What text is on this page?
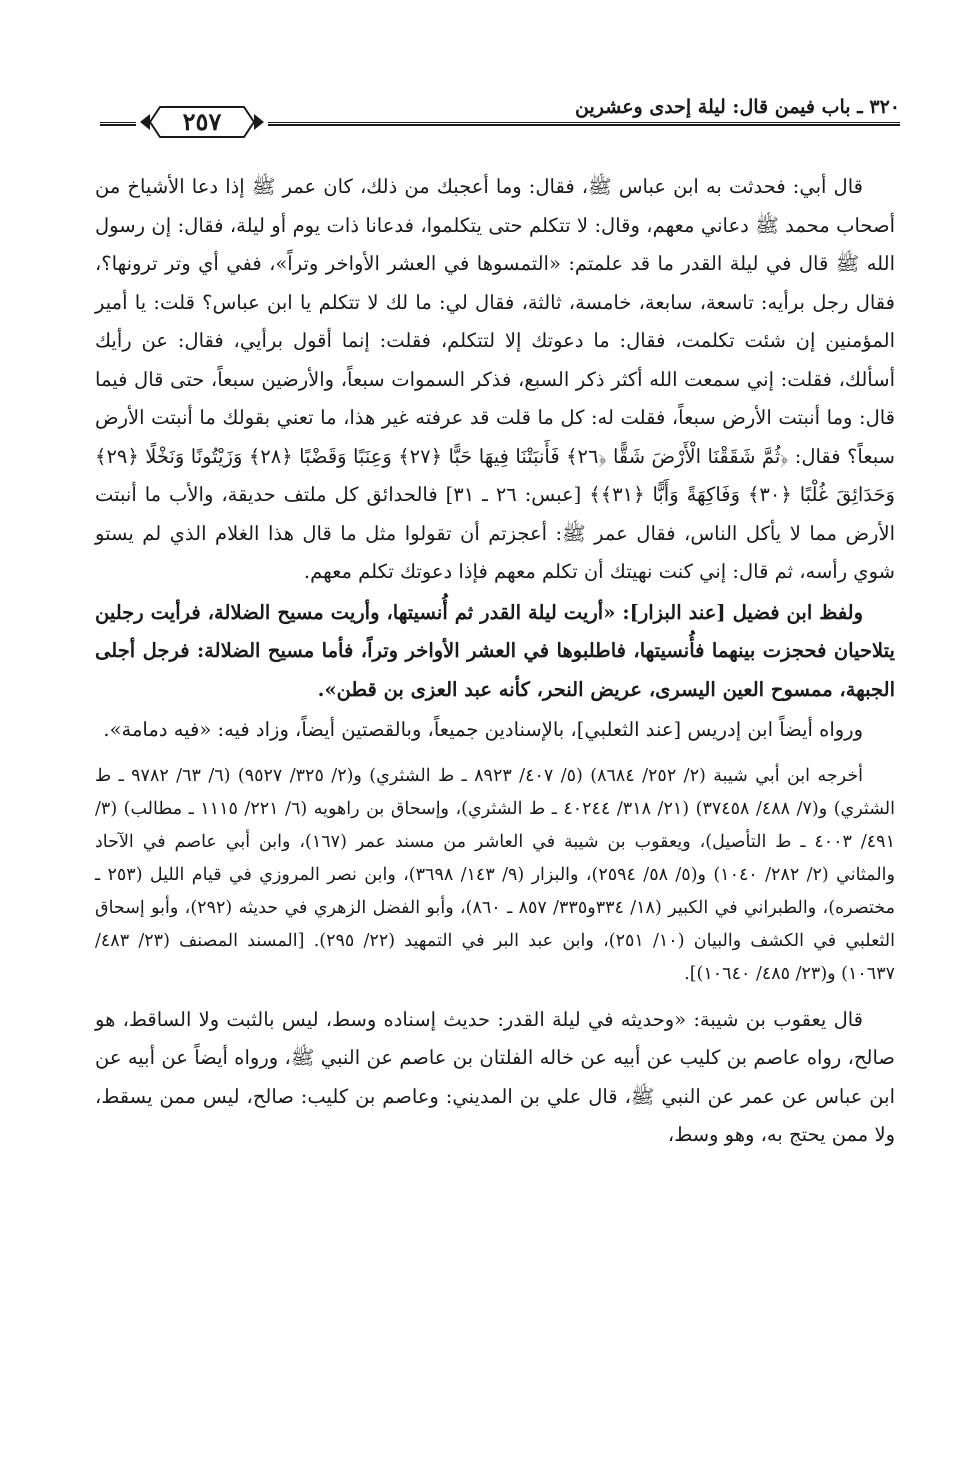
٣٢٠ ـ باب فيمن قال: ليلة إحدى وعشرين
٢٥٧

قال أبي: فحدثت به ابن عباس ﷺ، فقال: وما أعجبك من ذلك، كان عمر ﷺ إذا دعا الأشياخ من أصحاب محمد ﷺ دعاني معهم، وقال: لا تتكلم حتى يتكلموا، فدعانا ذات يوم أو ليلة، فقال: إن رسول الله ﷺ قال في ليلة القدر ما قد علمتم: «التمسوها في العشر الأواخر وتراً»، ففي أي وتر ترونها؟، فقال رجل برأيه: تاسعة، سابعة، خامسة، ثالثة، فقال لي: ما لك لا تتكلم يا ابن عباس؟ قلت: يا أمير المؤمنين إن شئت تكلمت، فقال: ما دعوتك إلا لتتكلم، فقلت: إنما أقول برأيي، فقال: عن رأيك أسألك، فقلت: إني سمعت الله أكثر ذكر السبع، فذكر السموات سبعاً، والأرضين سبعاً، حتى قال فيما قال: وما أنبتت الأرض سبعاً، فقلت له: كل ما قلت قد عرفته غير هذا، ما تعني بقولك ما أنبتت الأرض سبعاً؟ فقال: ﴿ثُمَّ شَقَقْنَا الْأَرْضَ شَقًّا ﴿٢٦﴾ فَأَنبَتْنَا فِيهَا حَبًّا ﴿٢٧﴾ وَعِنَبًا وَقَضْبًا ﴿٢٨﴾ وَزَيْتُونًا وَنَخْلًا ﴿٢٩﴾ وَحَدَائِقَ غُلْبًا ﴿٣٠﴾ وَفَاكِهَةً وَأَبًّا ﴿٣١﴾﴾ [عبس: ٢٦ ـ ٣١] فالحدائق كل ملتف حديقة، والأب ما أنبتت الأرض مما لا يأكل الناس، فقال عمر ﷺ: أعجزتم أن تقولوا مثل ما قال هذا الغلام الذي لم يستو شوي رأسه، ثم قال: إني كنت نهيتك أن تكلم معهم فإذا دعوتك تكلم معهم.

ولفظ ابن فضيل [عند البزار]: «أريت ليلة القدر ثم أُنسيتها، وأريت مسيح الضلالة، فرأيت رجلين يتلاحيان فحجزت بينهما فأُنسيتها، فاطلبوها في العشر الأواخر وتراً، فأما مسيح الضلالة: فرجل أجلى الجبهة، ممسوح العين اليسرى، عريض النحر، كأنه عبد العزى بن قطن».

ورواه أيضاً ابن إدريس [عند الثعلبي]، بالإسنادين جميعاً، وبالقصتين أيضاً، وزاد فيه: «فيه دمامة».

أخرجه ابن أبي شيبة (٢/ ٢٥٢/ ٨٦٨٤) (٥/ ٤٠٧/ ٨٩٢٣ ـ ط الشثري) و(٢/ ٣٢٥/ ٩٥٢٧) (٦/ ٦٣/ ٩٧٨٢ ـ ط الشثري) و(٧/ ٤٨٨/ ٣٧٤٥٨) (٢١/ ٣١٨/ ٤٠٢٤٤ ـ ط الشثري)، وإسحاق بن راهويه (٦/ ٢٢١/ ١١١٥ ـ مطالب) (٣/ ٤٩١/ ٤٠٠٣ ـ ط التأصيل)، ويعقوب بن شيبة في العاشر من مسند عمر (١٦٧)، وابن أبي عاصم في الآحاد والمثاني (٢/ ٢٨٢/ ١٠٤٠) و(٥/ ٥٨/ ٢٥٩٤)، والبزار (٩/ ١٤٣/ ٣٦٩٨)، وابن نصر المروزي في قيام الليل (٢٥٣ ـ مختصره)، والطبراني في الكبير (١٨/ ٣٣٤و٣٣٥/ ٨٥٧ ـ ٨٦٠)، وأبو الفضل الزهري في حديثه (٢٩٢)، وأبو إسحاق الثعلبي في الكشف والبيان (١٠/ ٢٥١)، وابن عبد البر في التمهيد (٢٢/ ٢٩٥). [المسند المصنف (٢٣/ ٤٨٣/ ١٠٦٣٧) و(٢٣/ ٤٨٥/ ١٠٦٤٠)].

قال يعقوب بن شيبة: «وحديثه في ليلة القدر: حديث إسناده وسط، ليس بالثبت ولا الساقط، هو صالح، رواه عاصم بن كليب عن أبيه عن خاله الفلتان بن عاصم عن النبي ﷺ، ورواه أيضاً عن أبيه عن ابن عباس عن عمر عن النبي ﷺ، قال علي بن المديني: وعاصم بن كليب: صالح، ليس ممن يسقط، ولا ممن يحتج به، وهو وسط،
